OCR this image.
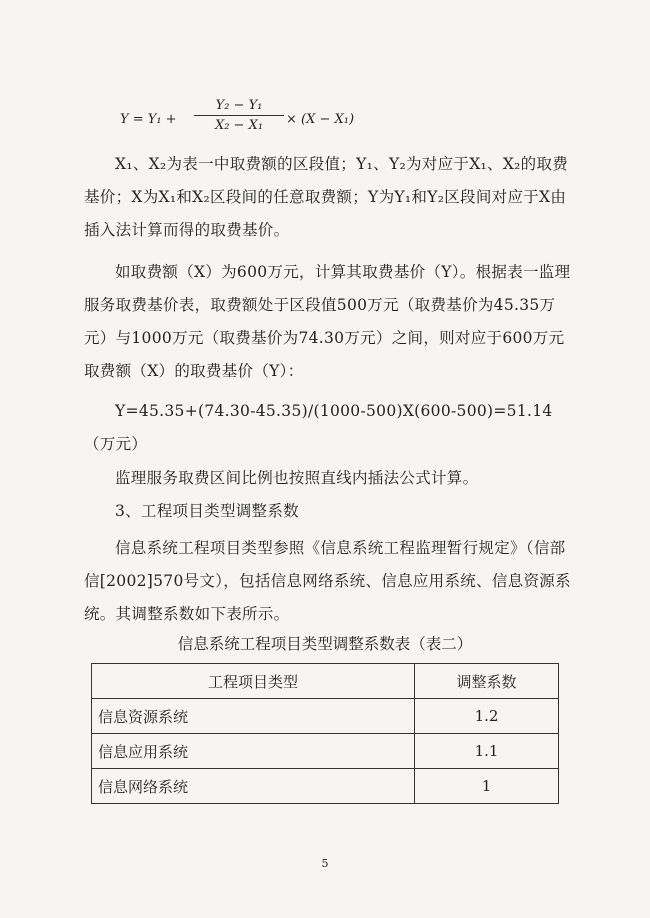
$Y = Y_1 + \frac{\text{Y₂ − Y₁}}{\text{X₂ − X₁}} \times (X - X_1)$
X₁、X₂为表一中取费额的区段值；Y₁、Y₂为对应于X₁、X₂的取费基价；X为X₁和X₂区段间的任意取费额；Y为Y₁和Y₂区段间对应于X由插入法计算而得的取费基价。
如取费额（X）为600万元，计算其取费基价（Y）。根据表一监理服务取费基价表，取费额处于区段值500万元（取费基价为45.35万元）与1000万元（取费基价为74.30万元）之间，则对应于600万元取费额（X）的取费基价（Y）：
Y=45.35+(74.30-45.35)/(1000-500)X(600-500)=51.14（万元）
监理服务取费区间比例也按照直线内插法公式计算。
3、工程项目类型调整系数
信息系统工程项目类型参照《信息系统工程监理暂行规定》（信部信[2002]570号文），包括信息网络系统、信息应用系统、信息资源系统。其调整系数如下表所示。
信息系统工程项目类型调整系数表（表二）
工程项目类型	调整系数
信息资源系统	1.2
信息应用系统	1.1
信息网络系统	1
5
